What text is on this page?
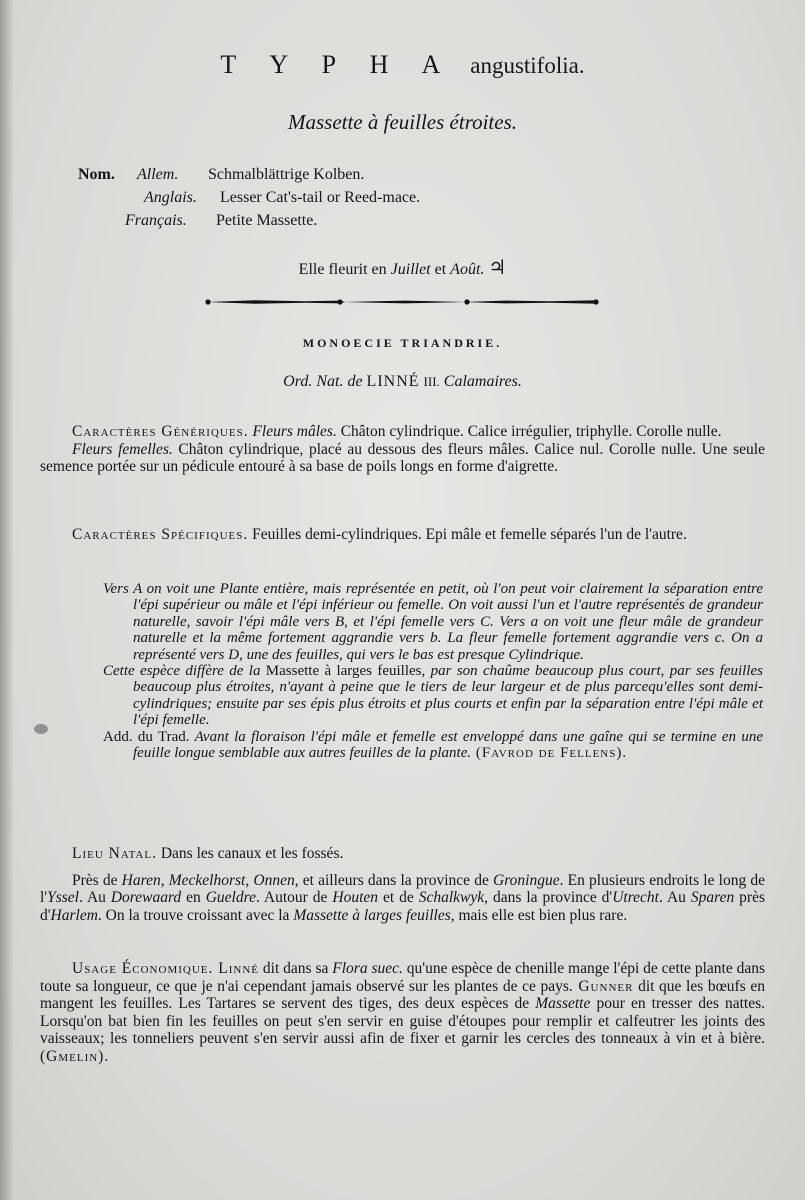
T Y P H A angustifolia.
Massette à feuilles étroites.
Nom. Allem. Schmalblättrige Kolben.
Anglais. Lesser Cat's-tail or Reed-mace.
Français. Petite Massette.
Elle fleurit en Juillet et Août. ♃
MONOECIE TRIANDRIE.
Ord. Nat. de LINNÉ III. Calamaires.

Caractères Génériques. Fleurs mâles. Châton cylindrique. Calice irrégulier, triphylle. Corolle nulle.

Fleurs femelles. Châton cylindrique, placé au dessous des fleurs mâles. Calice nul. Corolle nulle. Une seule semence portée sur un pédicule entouré à sa base de poils longs en forme d'aigrette.

Caractères Spécifiques. Feuilles demi-cylindriques. Epi mâle et femelle séparés l'un de l'autre.

Vers A on voit une Plante entière, mais représentée en petit, où l'on peut voir clairement la séparation entre l'épi supérieur ou mâle et l'épi inférieur ou femelle. On voit aussi l'un et l'autre représentés de grandeur naturelle, savoir l'épi mâle vers B, et l'épi femelle vers C. Vers a on voit une fleur mâle de grandeur naturelle et la même fortement aggrandie vers b. La fleur femelle fortement aggrandie vers c. On a représenté vers D, une des feuilles, qui vers le bas est presque Cylindrique.

Cette espèce diffère de la Massette à larges feuilles, par son chaûme beaucoup plus court, par ses feuilles beaucoup plus étroites, n'ayant à peine que le tiers de leur largeur et de plus parcequ'elles sont demi-cylindriques; ensuite par ses épis plus étroits et plus courts et enfin par la séparation entre l'épi mâle et l'épi femelle.

Add. du Trad. Avant la floraison l'épi mâle et femelle est enveloppé dans une gaîne qui se termine en une feuille longue semblable aux autres feuilles de la plante. (Favrod de Fellens).

Lieu Natal. Dans les canaux et les fossés.

Près de Haren, Meckelhorst, Onnen, et ailleurs dans la province de Groningue. En plusieurs endroits le long de l'Yssel. Au Dorewaard en Gueldre. Autour de Houten et de Schalkwyk, dans la province d'Utrecht. Au Sparen près d'Harlem. On la trouve croissant avec la Massette à larges feuilles, mais elle est bien plus rare.

Usage Économique. Linné dit dans sa Flora suec. qu'une espèce de chenille mange l'épi de cette plante dans toute sa longueur, ce que je n'ai cependant jamais observé sur les plantes de ce pays. Gunner dit que les bœufs en mangent les feuilles. Les Tartares se servent des tiges, des deux espèces de Massette pour en tresser des nattes. Lorsqu'on bat bien fin les feuilles on peut s'en servir en guise d'étoupes pour remplir et calfeutrer les joints des vaisseaux; les tonneliers peuvent s'en servir aussi afin de fixer et garnir les cercles des tonneaux à vin et à bière. (Gmelin).
